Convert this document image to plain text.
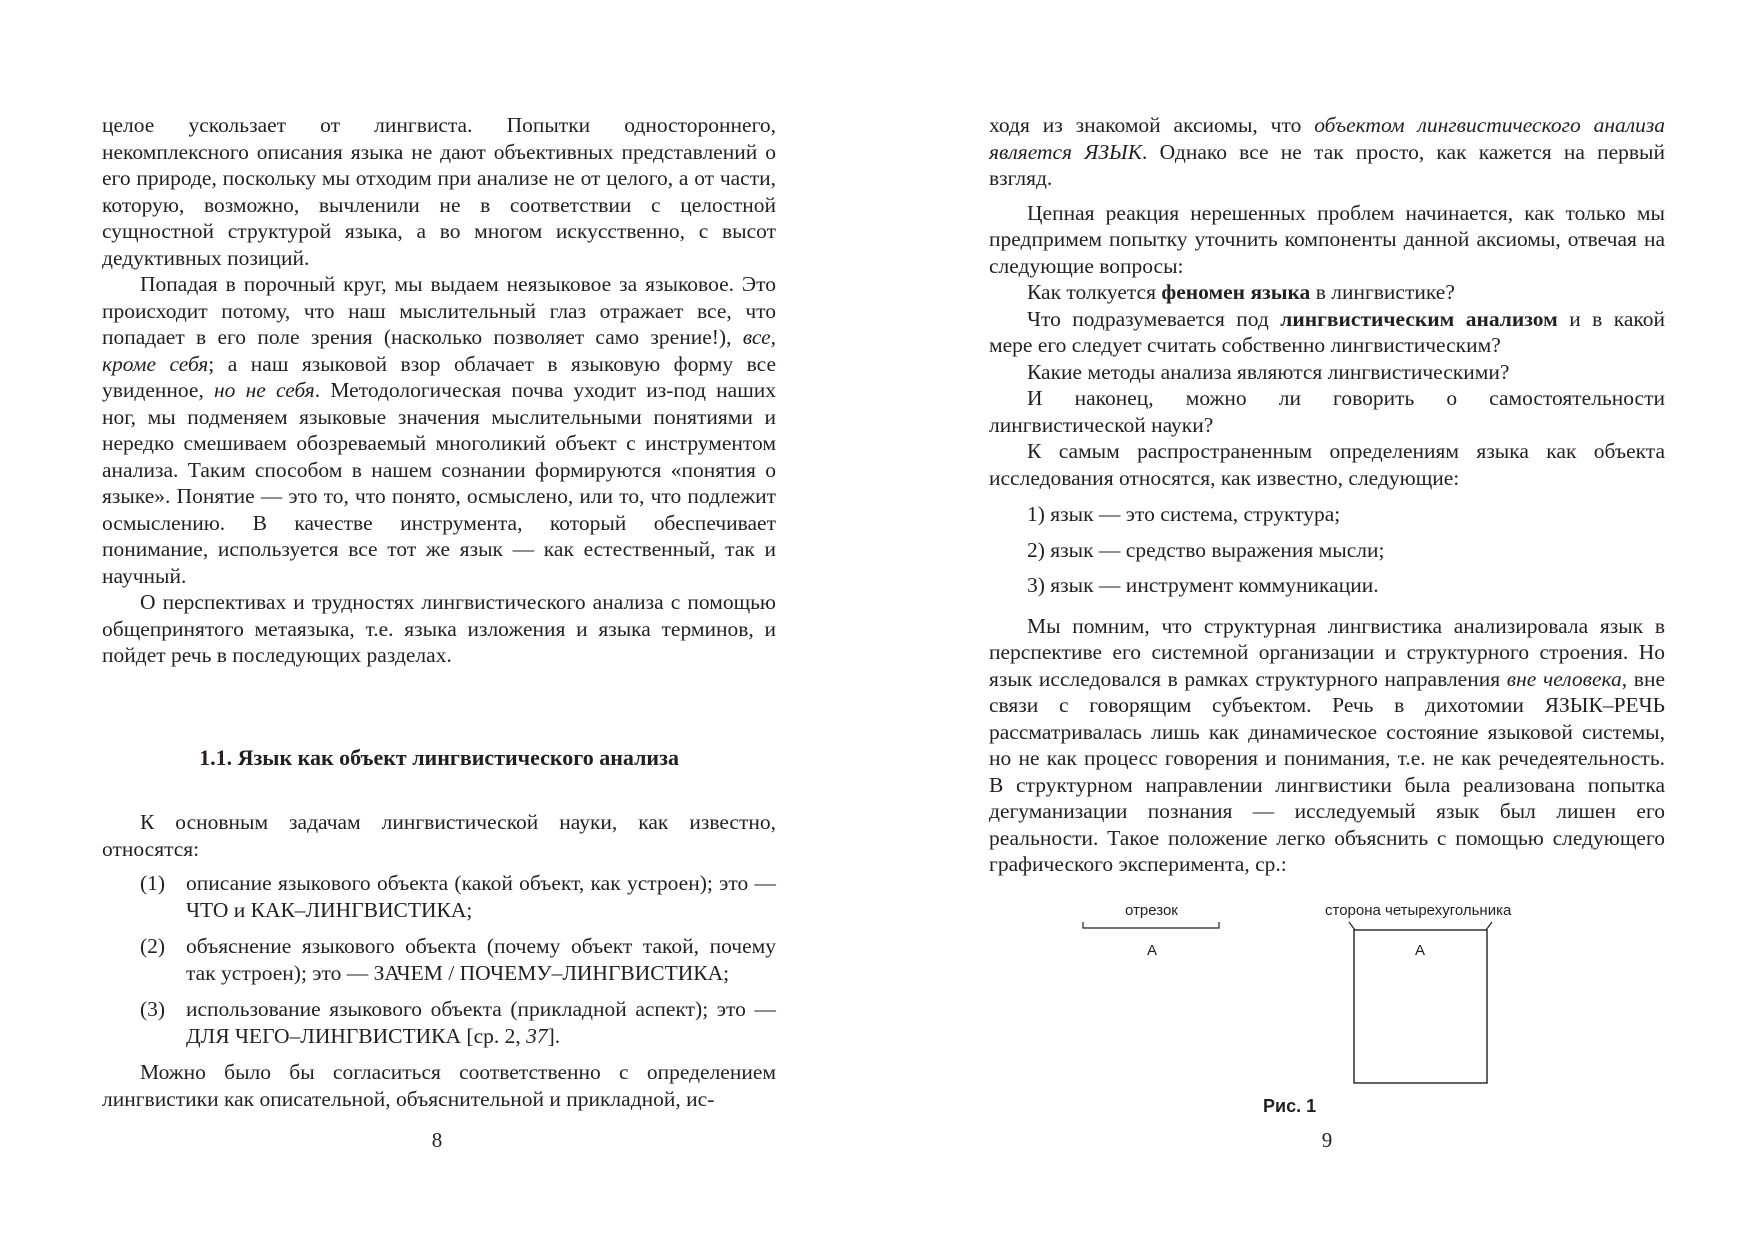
целое ускользает от лингвиста. Попытки одностороннего, некомплексного описания языка не дают объективных представлений о его природе, поскольку мы отходим при анализе не от целого, а от части, которую, возможно, вычленили не в соответствии с целостной сущностной структурой языка, а во многом искусственно, с высот дедуктивных позиций.

Попадая в порочный круг, мы выдаем неязыковое за языковое. Это происходит потому, что наш мыслительный глаз отражает все, что попадает в его поле зрения (насколько позволяет само зрение!), все, кроме себя; а наш языковой взор облачает в языковую форму все увиденное, но не себя. Методологическая почва уходит из-под наших ног, мы подменяем языковые значения мыслительными понятиями и нередко смешиваем обозреваемый многоликий объект с инструментом анализа. Таким способом в нашем сознании формируются «понятия о языке». Понятие — это то, что понято, осмыслено, или то, что подлежит осмыслению. В качестве инструмента, который обеспечивает понимание, используется все тот же язык — как естественный, так и научный.

О перспективах и трудностях лингвистического анализа с помощью общепринятого метаязыка, т.е. языка изложения и языка терминов, и пойдет речь в последующих разделах.

1.1. Язык как объект лингвистического анализа

К основным задачам лингвистической науки, как известно, относятся:

(1) описание языкового объекта (какой объект, как устроен); это — ЧТО и КАК–ЛИНГВИСТИКА;
(2) объяснение языкового объекта (почему объект такой, почему так устроен); это — ЗАЧЕМ / ПОЧЕМУ–ЛИНГВИСТИКА;
(3) использование языкового объекта (прикладной аспект); это — ДЛЯ ЧЕГО–ЛИНГВИСТИКА [ср. 2, 37].

Можно было бы согласиться соответственно с определением лингвистики как описательной, объяснительной и прикладной, ис-

8

ходя из знакомой аксиомы, что объектом лингвистического анализа является ЯЗЫК. Однако все не так просто, как кажется на первый взгляд.

Цепная реакция нерешенных проблем начинается, как только мы предпримем попытку уточнить компоненты данной аксиомы, отвечая на следующие вопросы:

Как толкуется феномен языка в лингвистике?

Что подразумевается под лингвистическим анализом и в какой мере его следует считать собственно лингвистическим?

Какие методы анализа являются лингвистическими?

И наконец, можно ли говорить о самостоятельности лингвистической науки?

К самым распространенным определениям языка как объекта исследования относятся, как известно, следующие:

1) язык — это система, структура;
2) язык — средство выражения мысли;
3) язык — инструмент коммуникации.

Мы помним, что структурная лингвистика анализировала язык в перспективе его системной организации и структурного строения. Но язык исследовался в рамках структурного направления вне человека, вне связи с говорящим субъектом. Речь в дихотомии ЯЗЫК–РЕЧЬ рассматривалась лишь как динамическое состояние языковой системы, но не как процесс говорения и понимания, т.е. не как речедеятельность. В структурном направлении лингвистики была реализована попытка дегуманизации познания — исследуемый язык был лишен его реальности. Такое положение легко объяснить с помощью следующего графического эксперимента, ср.:

отрезок	сторона четырехугольника
А	А
Рис. 1
9
